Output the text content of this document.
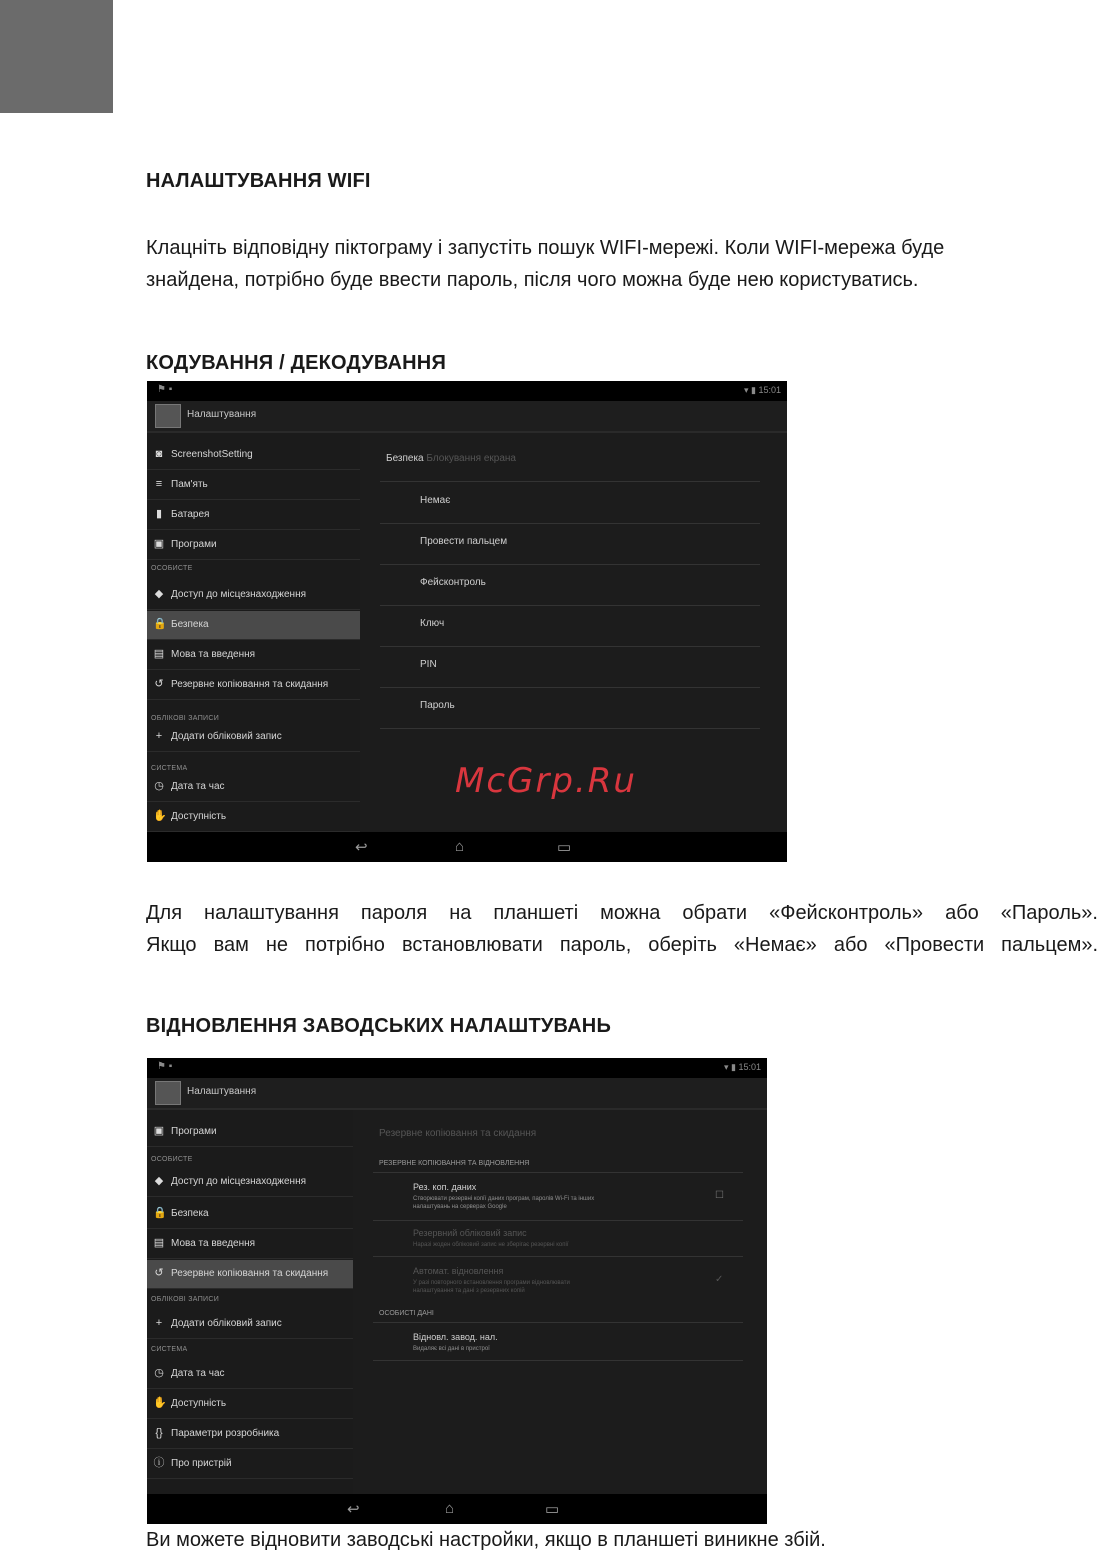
НАЛАШТУВАННЯ WIFI
Клацніть відповідну піктограму і запустіть пошук WIFI-мережі. Коли WIFI-мережа буде
знайдена, потрібно буде ввести пароль, після чого можна буде нею користуватись.
КОДУВАННЯ / ДЕКОДУВАННЯ
⚑ ▪	▾ ▮ 15:01
Налаштування
◙ ScreenshotSetting
≡ Пам'ять
▮ Батарея
▣ Програми
◆ Доступ до місцезнаходження
🔒 Безпека
▤ Мова та введення
↺ Резервне копіювання та скидання
+ Додати обліковий запис
◷ Дата та час
✋ Доступність
ОСОБИСТЕ
ОБЛІКОВІ ЗАПИСИ
СИСТЕМА
Безпека Блокування екрана
Немає
Провести пальцем
Фейсконтроль
Ключ
PIN
Пароль
McGrp.Ru
↩	⌂	▭
Для налаштування пароля на планшеті можна обрати «Фейсконтроль» або «Пароль».
Якщо вам не потрібно встановлювати пароль, оберіть «Немає» або «Провести пальцем».
ВІДНОВЛЕННЯ ЗАВОДСЬКИХ НАЛАШТУВАНЬ
⚑ ▪	▾ ▮ 15:01
Налаштування
▣ Програми
◆ Доступ до місцезнаходження
🔒 Безпека
▤ Мова та введення
↺ Резервне копіювання та скидання
+ Додати обліковий запис
◷ Дата та час
✋ Доступність
{} Параметри розробника
ⓘ Про пристрій
ОСОБИСТЕ
ОБЛІКОВІ ЗАПИСИ
СИСТЕМА
Резервне копіювання та скидання
РЕЗЕРВНЕ КОПІЮВАННЯ ТА ВІДНОВЛЕННЯ
Рез. коп. даних
Створювати резервні копії даних програм, паролів Wi-Fi та інших
налаштувань на серверах Google
☐
Резервний обліковий запис
Наразі жоден обліковий запис не зберігає резервні копії
Автомат. відновлення
У разі повторного встановлення програми відновлювати
налаштування та дані з резервних копій
✓
ОСОБИСТІ ДАНІ
Відновл. завод. нал.
Видаляє всі дані в пристрої
↩	⌂	▭
Ви можете відновити заводські настройки, якщо в планшеті виникне збій.
